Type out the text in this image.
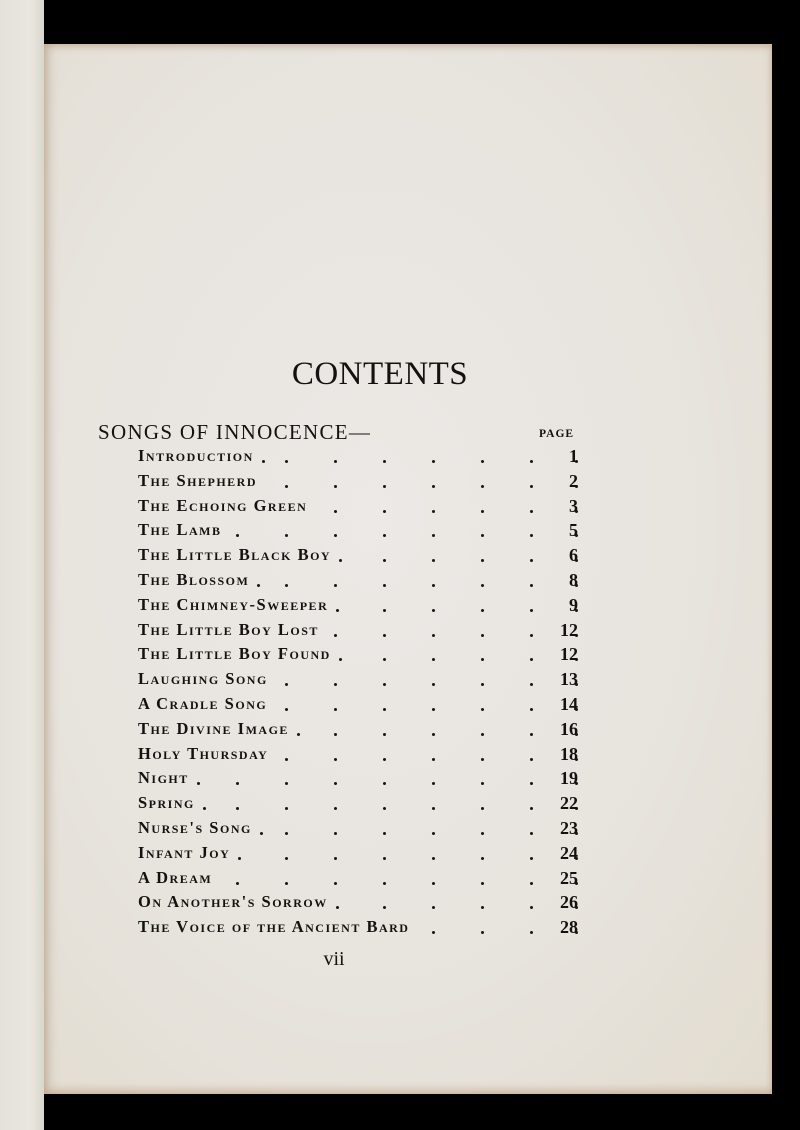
CONTENTS
SONGS OF INNOCENCE—	PAGE
Introduction	1
The Shepherd	2
The Echoing Green	3
The Lamb	5
The Little Black Boy	6
The Blossom	8
The Chimney-Sweeper	9
The Little Boy Lost	12
The Little Boy Found	12
Laughing Song	13
A Cradle Song	14
The Divine Image	16
Holy Thursday	18
Night	19
Spring	22
Nurse's Song	23
Infant Joy	24
A Dream	25
On Another's Sorrow	26
The Voice of the Ancient Bard	28
vii
